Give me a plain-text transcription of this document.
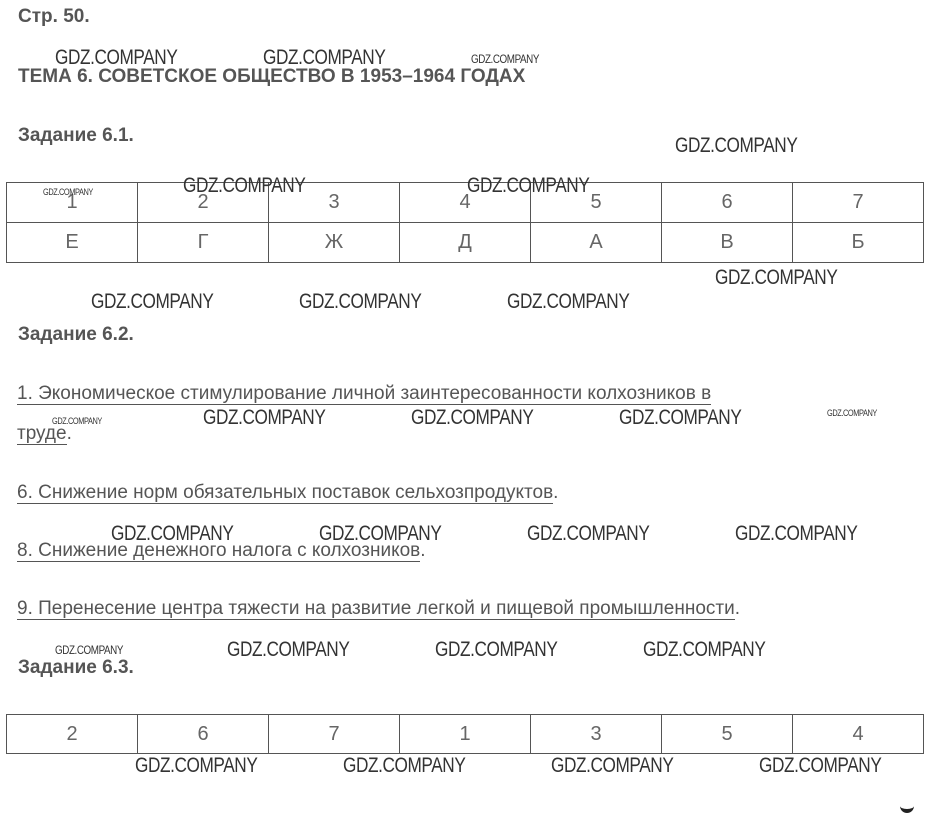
Стр. 50.
ТЕМА 6. СОВЕТСКОЕ ОБЩЕСТВО В 1953–1964 ГОДАХ
Задание 6.1.
1	2	3	4	5	6	7
Е	Г	Ж	Д	А	В	Б
Задание 6.2.
1. Экономическое стимулирование личной заинтересованности колхозников в
труде.
6. Снижение норм обязательных поставок сельхозпродуктов.
8. Снижение денежного налога с колхозников.
9. Перенесение центра тяжести на развитие легкой и пищевой промышленности.
Задание 6.3.
2	6	7	1	3	5	4
GDZ.COMPANY	GDZ.COMPANY	GDZ.COMPANY
GDZ.COMPANY
GDZ.COMPANY	GDZ.COMPANY	GDZ.COMPANY
GDZ.COMPANY
GDZ.COMPANY	GDZ.COMPANY	GDZ.COMPANY
GDZ.COMPANY	GDZ.COMPANY	GDZ.COMPANY	GDZ.COMPANY	GDZ.COMPANY
GDZ.COMPANY	GDZ.COMPANY	GDZ.COMPANY	GDZ.COMPANY
GDZ.COMPANY	GDZ.COMPANY	GDZ.COMPANY	GDZ.COMPANY
GDZ.COMPANY	GDZ.COMPANY	GDZ.COMPANY	GDZ.COMPANY
